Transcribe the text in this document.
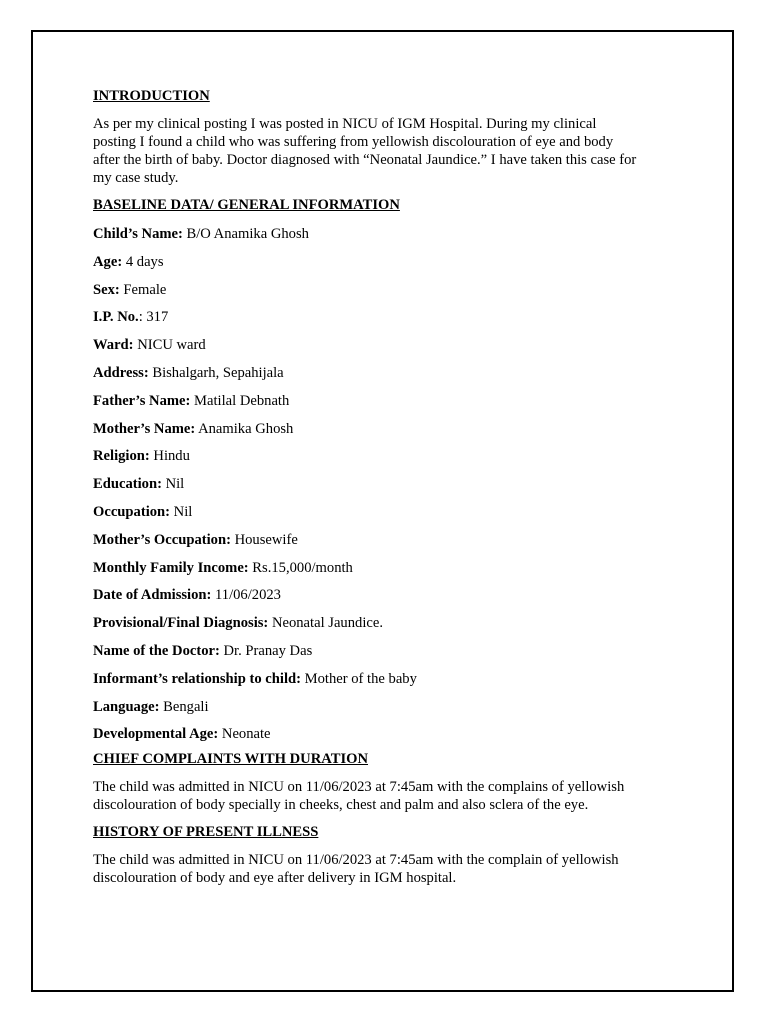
INTRODUCTION

As per my clinical posting I was posted in NICU of IGM Hospital. During my clinical
posting I found a child who was suffering from yellowish discolouration of eye and body
after the birth of baby. Doctor diagnosed with “Neonatal Jaundice.” I have taken this case for
my case study.

BASELINE DATA/ GENERAL INFORMATION
Child’s Name: B/O Anamika Ghosh
Age: 4 days
Sex: Female
I.P. No.: 317
Ward: NICU ward
Address: Bishalgarh, Sepahijala
Father’s Name: Matilal Debnath
Mother’s Name: Anamika Ghosh
Religion: Hindu
Education: Nil
Occupation: Nil
Mother’s Occupation: Housewife
Monthly Family Income: Rs.15,000/month
Date of Admission: 11/06/2023
Provisional/Final Diagnosis: Neonatal Jaundice.
Name of the Doctor: Dr. Pranay Das
Informant’s relationship to child: Mother of the baby
Language: Bengali
Developmental Age: Neonate
CHIEF COMPLAINTS WITH DURATION

The child was admitted in NICU on 11/06/2023 at 7:45am with the complains of yellowish
discolouration of body specially in cheeks, chest and palm and also sclera of the eye.

HISTORY OF PRESENT ILLNESS

The child was admitted in NICU on 11/06/2023 at 7:45am with the complain of yellowish
discolouration of body and eye after delivery in IGM hospital.
